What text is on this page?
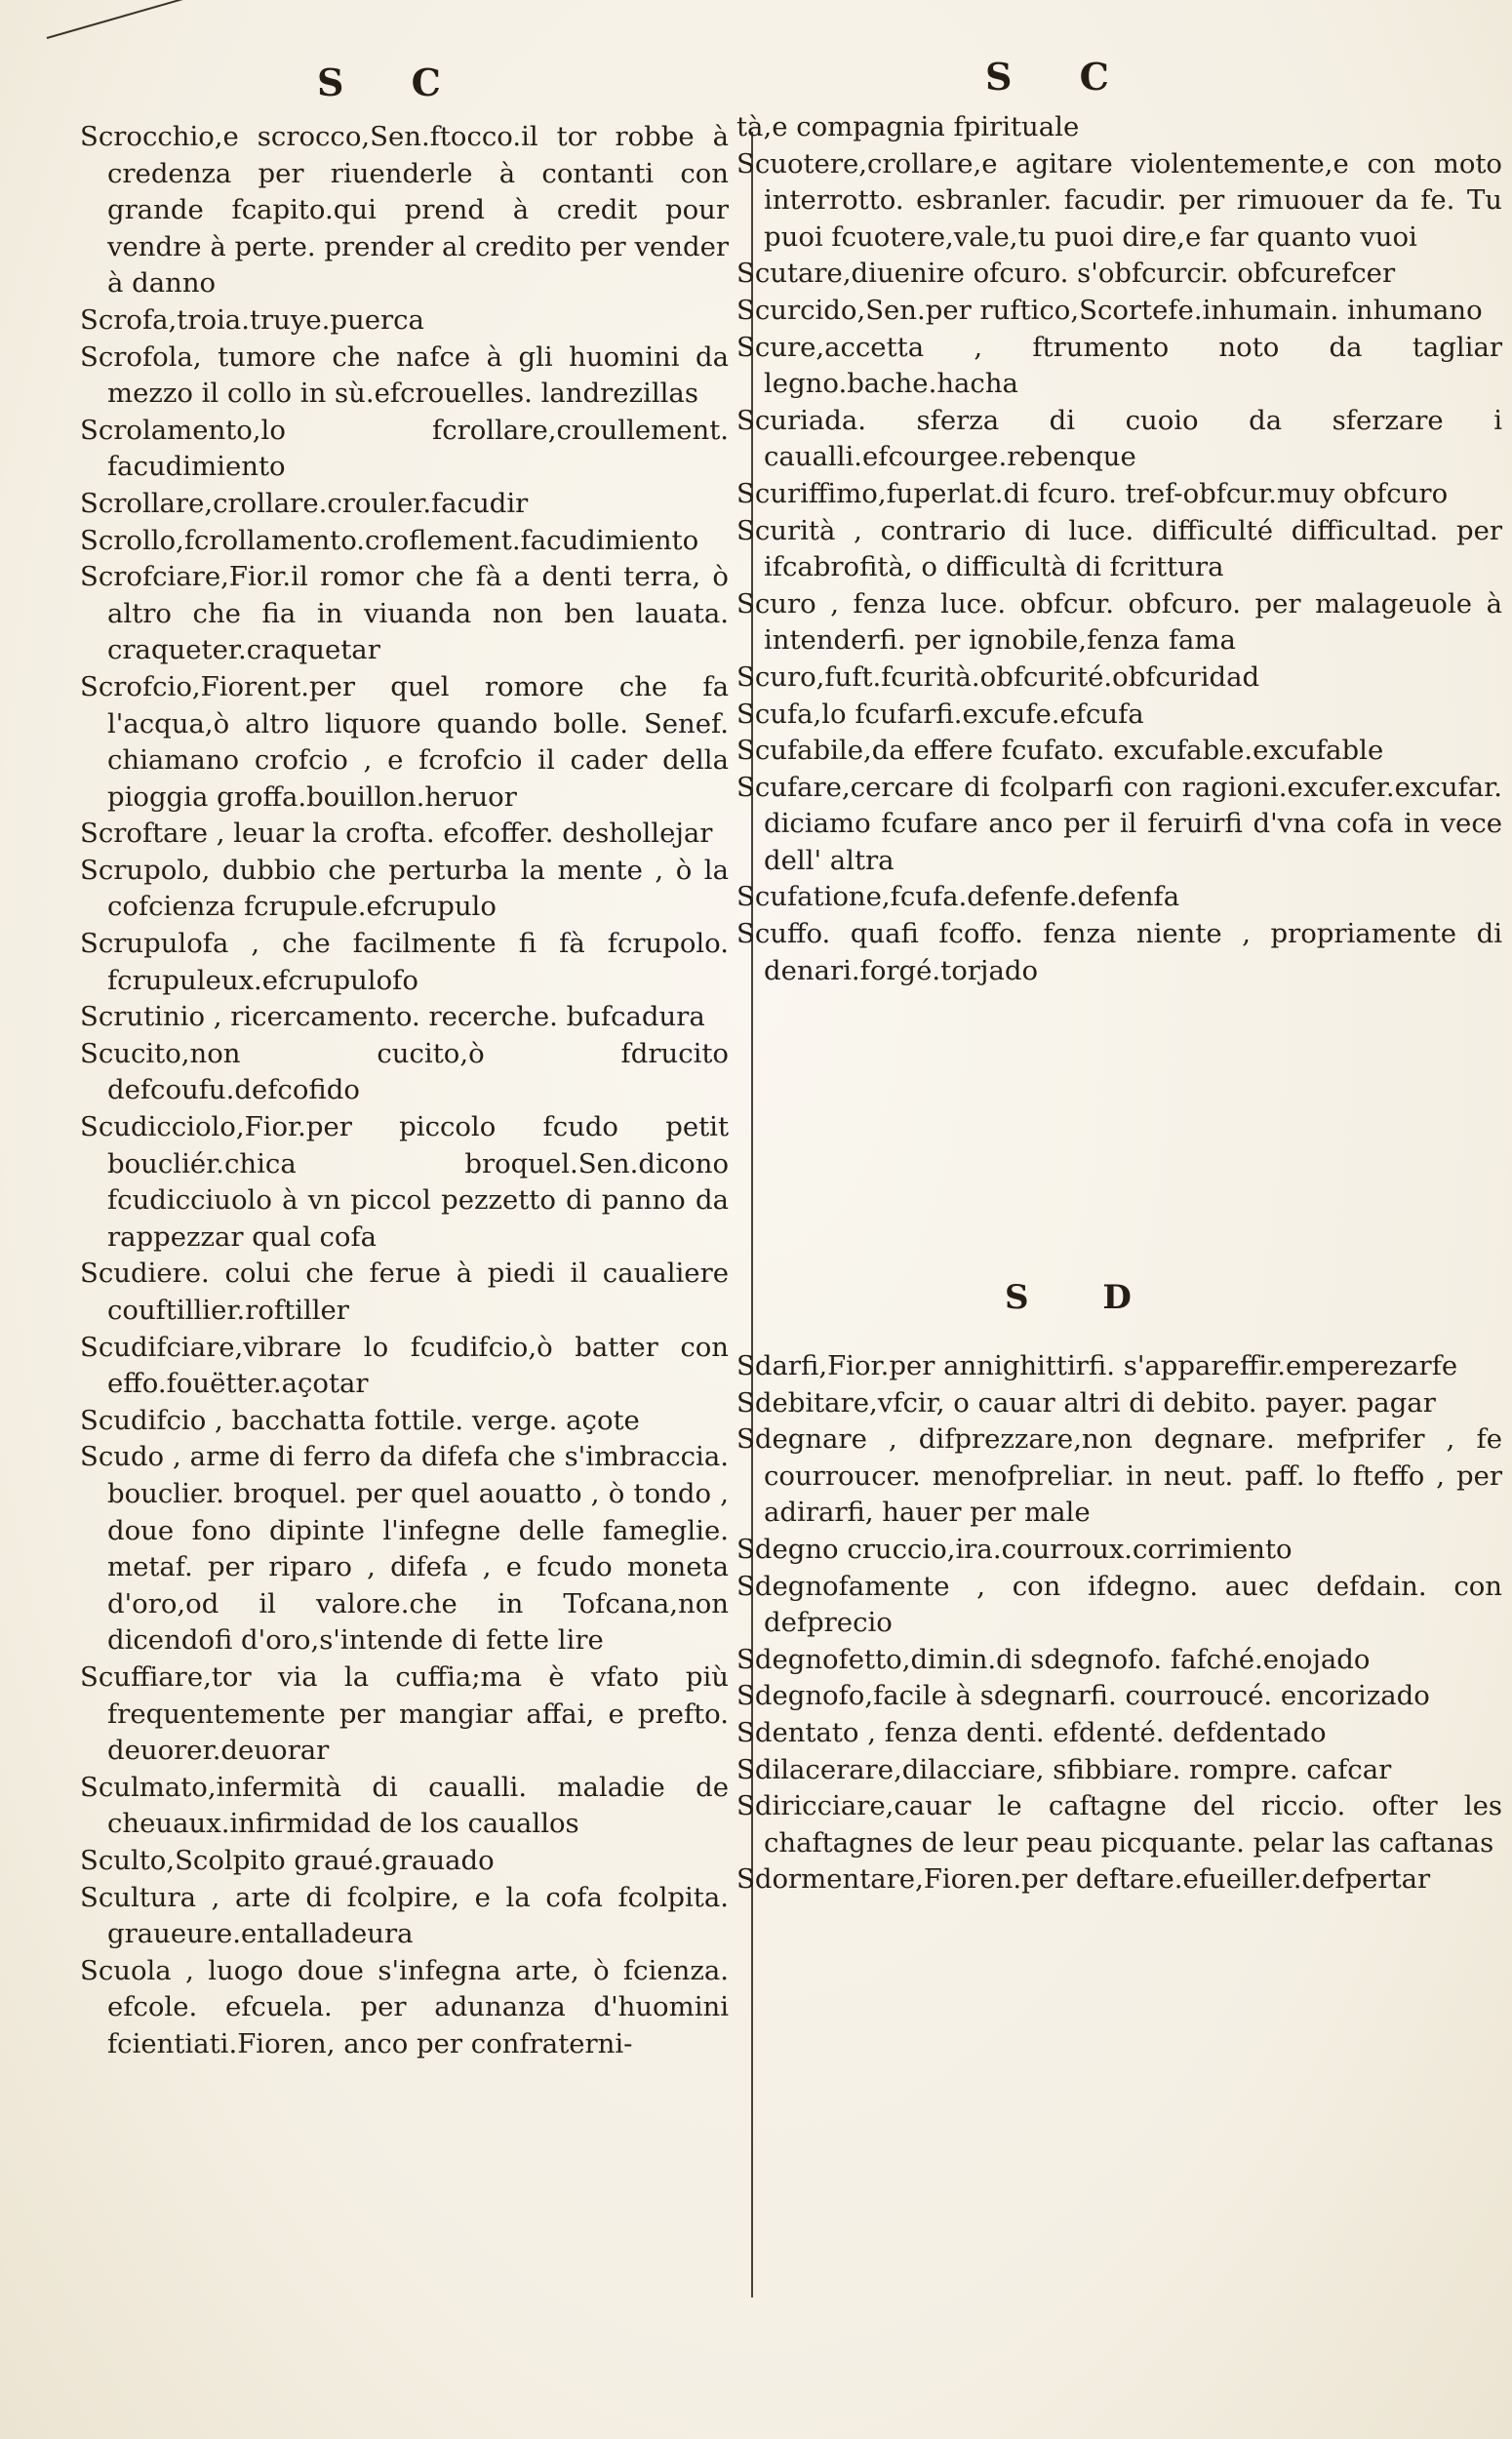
S C

Scrocchio,e scrocco,Sen.ftocco.il tor robbe à credenza per riuenderle à contanti con grande fcapito.qui prend à credit pour vendre à perte. prender al credito per vender à danno

Scrofa,troia.truye.puerca

Scrofola, tumore che nafce à gli huomini da mezzo il collo in sù.efcrouelles. landrezillas

Scrolamento,lo fcrollare,croullement. facudimiento

Scrollare,crollare.crouler.facudir

Scrollo,fcrollamento.croflement.facudimiento

Scrofciare,Fior.il romor che fà a denti terra, ò altro che fia in viuanda non ben lauata. craqueter.craquetar

Scrofcio,Fiorent.per quel romore che fa l'acqua,ò altro liquore quando bolle. Senef. chiamano crofcio , e fcrofcio il cader della pioggia groffa.bouillon.heruor

Scroftare , leuar la crofta. efcoffer. deshollejar

Scrupolo, dubbio che perturba la mente , ò la cofcienza fcrupule.efcrupulo

Scrupulofa , che facilmente fi fà fcrupolo. fcrupuleux.efcrupulofo

Scrutinio , ricercamento. recerche. bufcadura

Scucito,non cucito,ò fdrucito defcoufu.defcofido

Scudicciolo,Fior.per piccolo fcudo petit boucliér.chica broquel.Sen.dicono fcudicciuolo à vn piccol pezzetto di panno da rappezzar qual cofa

Scudiere. colui che ferue à piedi il caualiere couftillier.roftiller

Scudifciare,vibrare lo fcudifcio,ò batter con effo.fouëtter.açotar

Scudifcio , bacchatta fottile. verge. açote

Scudo , arme di ferro da difefa che s'imbraccia. bouclier. broquel. per quel aouatto , ò tondo , doue fono dipinte l'infegne delle fameglie. metaf. per riparo , difefa , e fcudo moneta d'oro,od il valore.che in Tofcana,non dicendofi d'oro,s'intende di fette lire

Scuffiare,tor via la cuffia;ma è vfato più frequentemente per mangiar affai, e prefto. deuorer.deuorar

Sculmato,infermità di caualli. maladie de cheuaux.infirmidad de los cauallos

Sculto,Scolpito graué.grauado

Scultura , arte di fcolpire, e la cofa fcolpita. graueure.entalladeura

Scuola , luogo doue s'infegna arte, ò fcienza. efcole. efcuela. per adunanza d'huomini fcientiati.Fioren, anco per confraterni-

S C

tà,e compagnia fpirituale

Scuotere,crollare,e agitare violentemente,e con moto interrotto. esbranler. facudir. per rimuouer da fe. Tu puoi fcuotere,vale,tu puoi dire,e far quanto vuoi

Scutare,diuenire ofcuro. s'obfcurcir. obfcurefcer

Scurcido,Sen.per ruftico,Scortefe.inhumain. inhumano

Scure,accetta , ftrumento noto da tagliar legno.bache.hacha

Scuriada. sferza di cuoio da sferzare i caualli.efcourgee.rebenque

Scuriffimo,fuperlat.di fcuro. tref-obfcur.muy obfcuro

Scurità , contrario di luce. difficulté difficultad. per ifcabrofità, o difficultà di fcrittura

Scuro , fenza luce. obfcur. obfcuro. per malageuole à intenderfi. per ignobile,fenza fama

Scuro,fuft.fcurità.obfcurité.obfcuridad

Scufa,lo fcufarfi.excufe.efcufa

Scufabile,da effere fcufato. excufable.excufable

Scufare,cercare di fcolparfi con ragioni.excufer.excufar. diciamo fcufare anco per il feruirfi d'vna cofa in vece dell' altra

Scufatione,fcufa.defenfe.defenfa

Scuffo. quafi fcoffo. fenza niente , propriamente di denari.forgé.torjado

Sdarfi,Fior.per annighittirfi. s'appareffir.emperezarfe

Sdebitare,vfcir, o cauar altri di debito. payer. pagar

Sdegnare , difprezzare,non degnare. mefprifer , fe courroucer. menofpreliar. in neut. paff. lo fteffo , per adirarfi, hauer per male

Sdegno cruccio,ira.courroux.corrimiento

Sdegnofamente , con ifdegno. auec defdain. con defprecio

Sdegnofetto,dimin.di sdegnofo. fafché.enojado

Sdegnofo,facile à sdegnarfi. courroucé. encorizado

Sdentato , fenza denti. efdenté. defdentado

Sdilacerare,dilacciare, sfibbiare. rompre. cafcar

Sdiricciare,cauar le caftagne del riccio. ofter les chaftagnes de leur peau picquante. pelar las caftanas

Sdormentare,Fioren.per deftare.efueiller.defpertar

S D
